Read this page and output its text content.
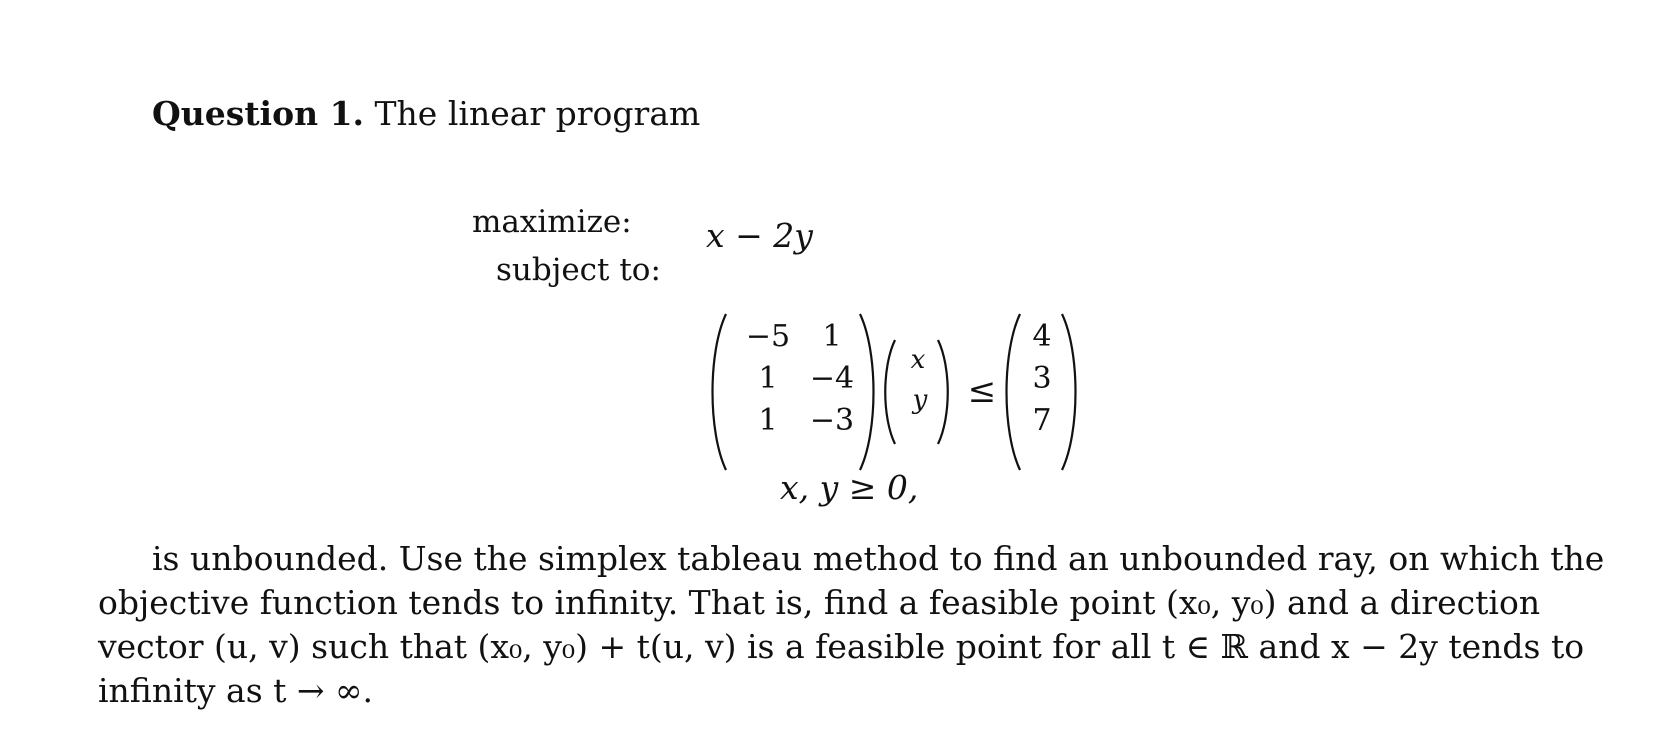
Question 1. The linear program
maximize: x − 2y
subject to:
−5 1
1 −4
1 −3
x
y ≤
4
3
7
x, y ≥ 0,
is unbounded. Use the simplex tableau method to find an unbounded ray, on which the
objective function tends to infinity. That is, find a feasible point (x₀, y₀) and a direction
vector (u, v) such that (x₀, y₀) + t(u, v) is a feasible point for all t ∈ ℝ and x − 2y tends to
infinity as t → ∞.
